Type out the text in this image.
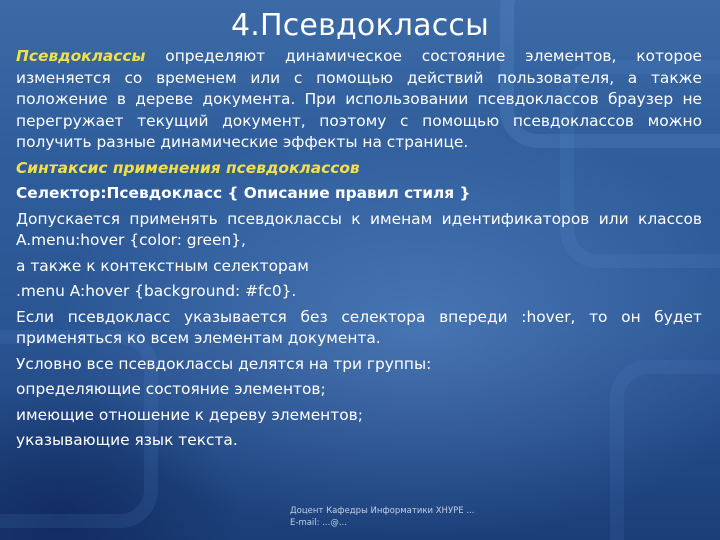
4.Псевдоклассы

Псевдоклассы определяют динамическое состояние элементов, которое изменяется со временем или с помощью действий пользователя, а также положение в дереве документа. При использовании псевдоклассов браузер не перегружает текущий документ, поэтому с помощью псевдоклассов можно получить разные динамические эффекты на странице.

Синтаксис применения псевдоклассов

Селектор:Псевдокласс { Описание правил стиля }

Допускается применять псевдоклассы к именам идентификаторов или классов A.menu:hover {color: green},

а также к контекстным селекторам

.menu A:hover {background: #fc0}.

Если псевдокласс указывается без селектора впереди :hover, то он будет применяться ко всем элементам документа.

Условно все псевдоклассы делятся на три группы:

определяющие состояние элементов;

имеющие отношение к дереву элементов;

указывающие язык текста.

Доцент Кафедры Информатики ХНУРЕ ...
E-mail: ...@...
